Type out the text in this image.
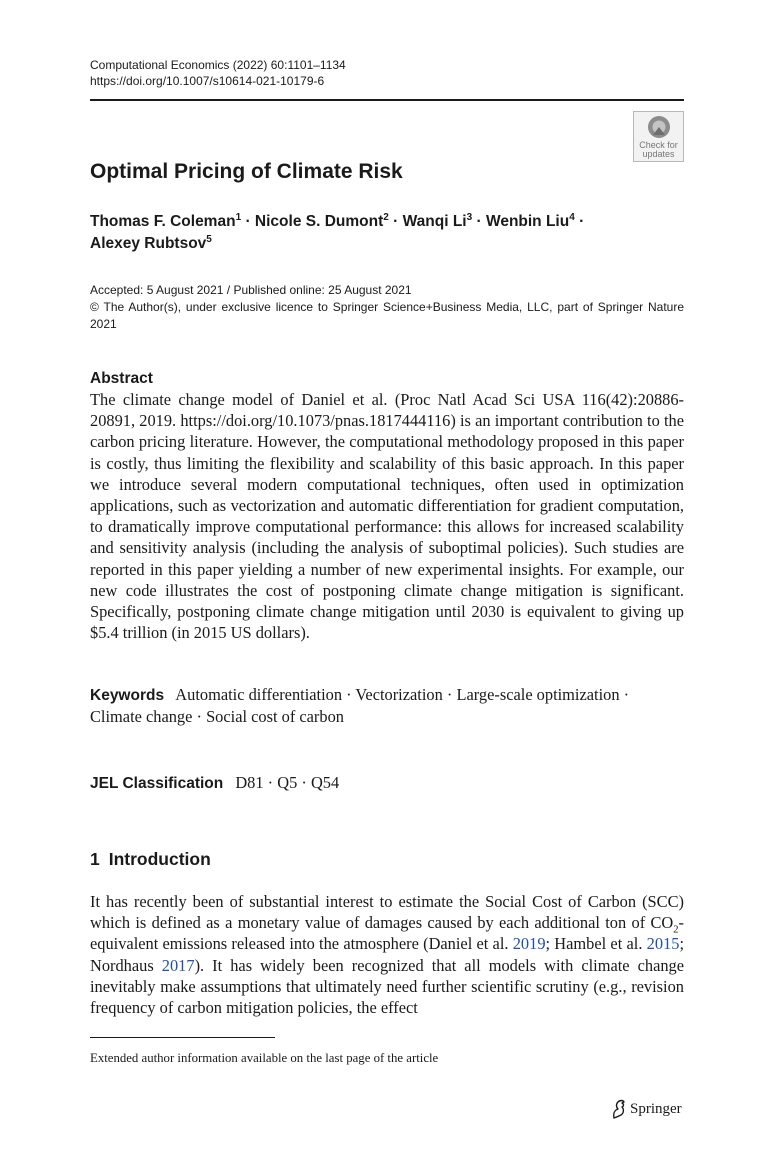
Computational Economics (2022) 60:1101–1134
https://doi.org/10.1007/s10614-021-10179-6
Check for
updates
Optimal Pricing of Climate Risk
Thomas F. Coleman$^1$ · Nicole S. Dumont$^2$ · Wanqi $Li^3$ · Wenbin Liu$^4$ ·
Alexey Rubtsov$^5$

Accepted: 5 August 2021 / Published online: 25 August 2021

© The Author(s), under exclusive licence to Springer Science+Business Media, LLC, part of Springer Nature 2021

Abstract

The climate change model of Daniel et al. (Proc Natl Acad Sci USA 116(42):20886-20891, 2019. https://doi.org/10.1073/pnas.1817444116) is an important contribution to the carbon pricing literature. However, the computational methodology proposed in this paper is costly, thus limiting the flexibility and scalability of this basic approach. In this paper we introduce several modern computational techniques, often used in optimization applications, such as vectorization and automatic differentiation for gradient computation, to dramatically improve computational performance: this allows for increased scalability and sensitivity analysis (including the analysis of suboptimal policies). Such studies are reported in this paper yielding a number of new experimental insights. For example, our new code illustrates the cost of postponing climate change mitigation is significant. Specifically, postponing climate change mitigation until 2030 is equivalent to giving up $5.4 trillion (in 2015 US dollars).

Keywords Automatic differentiation · Vectorization · Large-scale optimization ·
Climate change · Social cost of carbon
JEL Classification D81 · Q5 · Q54
1 Introduction

It has recently been of substantial interest to estimate the Social Cost of Carbon (SCC) which is defined as a monetary value of damages caused by each additional ton of $CO_2$-equivalent emissions released into the atmosphere (Daniel et al. 2019; Hambel et al. 2015; Nordhaus 2017). It has widely been recognized that all models with climate change inevitably make assumptions that ultimately need further scientific scrutiny (e.g., revision frequency of carbon mitigation policies, the effect

Extended author information available on the last page of the article
Springer
